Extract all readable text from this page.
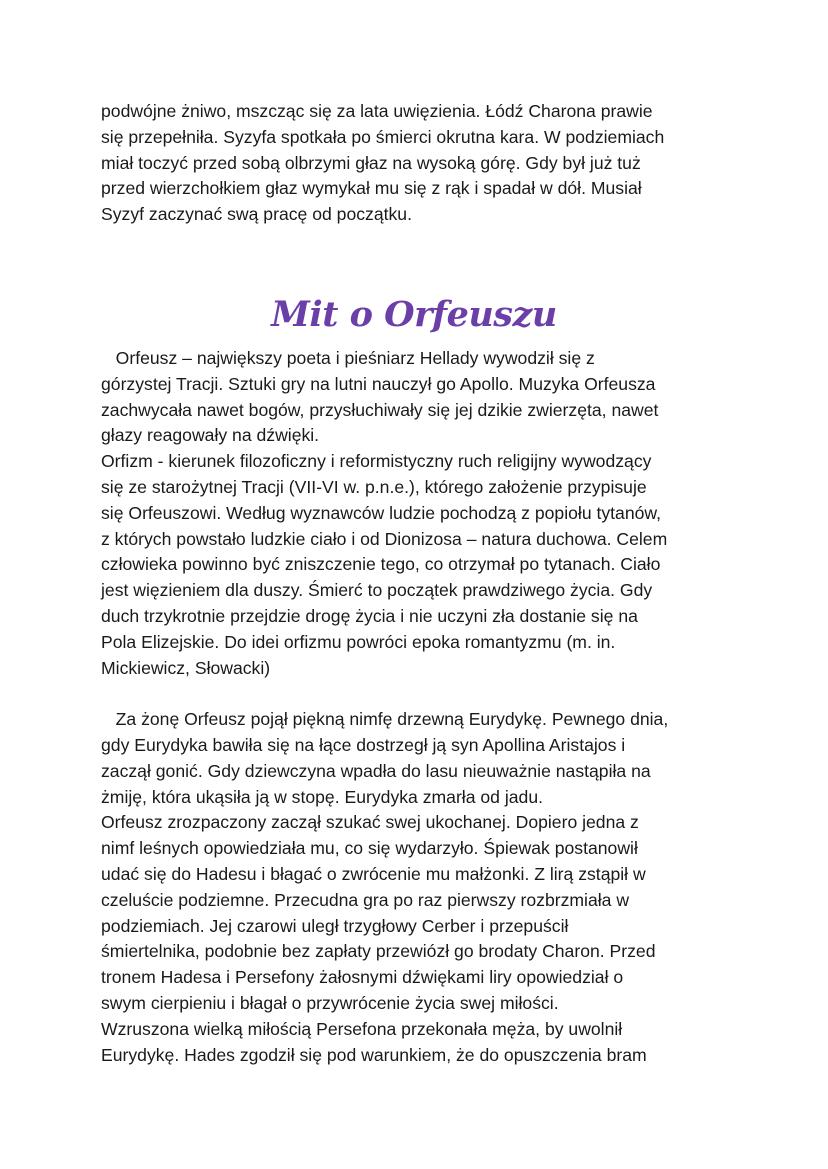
podwójne żniwo, mszcząc się za lata uwięzienia. Łódź Charona prawie
się przepełniła. Syzyfa spotkała po śmierci okrutna kara. W podziemiach
miał toczyć przed sobą olbrzymi głaz na wysoką górę. Gdy był już tuż
przed wierzchołkiem głaz wymykał mu się z rąk i spadał w dół. Musiał
Syzyf zaczynać swą pracę od początku.
Mit o Orfeuszu
Orfeusz – największy poeta i pieśniarz Hellady wywodził się z
górzystej Tracji. Sztuki gry na lutni nauczył go Apollo. Muzyka Orfeusza
zachwycała nawet bogów, przysłuchiwały się jej dzikie zwierzęta, nawet
głazy reagowały na dźwięki.
Orfizm - kierunek filozoficzny i reformistyczny ruch religijny wywodzący
się ze starożytnej Tracji (VII-VI w. p.n.e.), którego założenie przypisuje
się Orfeuszowi. Według wyznawców ludzie pochodzą z popiołu tytanów,
z których powstało ludzkie ciało i od Dionizosa – natura duchowa. Celem
człowieka powinno być zniszczenie tego, co otrzymał po tytanach. Ciało
jest więzieniem dla duszy. Śmierć to początek prawdziwego życia. Gdy
duch trzykrotnie przejdzie drogę życia i nie uczyni zła dostanie się na
Pola Elizejskie. Do idei orfizmu powróci epoka romantyzmu (m. in.
Mickiewicz, Słowacki)
Za żonę Orfeusz pojął piękną nimfę drzewną Eurydykę. Pewnego dnia,
gdy Eurydyka bawiła się na łące dostrzegł ją syn Apollina Aristajos i
zaczął gonić. Gdy dziewczyna wpadła do lasu nieuważnie nastąpiła na
żmiję, która ukąsiła ją w stopę. Eurydyka zmarła od jadu.
Orfeusz zrozpaczony zaczął szukać swej ukochanej. Dopiero jedna z
nimf leśnych opowiedziała mu, co się wydarzyło. Śpiewak postanowił
udać się do Hadesu i błagać o zwrócenie mu małżonki. Z lirą zstąpił w
czeluście podziemne. Przecudna gra po raz pierwszy rozbrzmiała w
podziemiach. Jej czarowi uległ trzygłowy Cerber i przepuścił
śmiertelnika, podobnie bez zapłaty przewiózł go brodaty Charon. Przed
tronem Hadesa i Persefony żałosnymi dźwiękami liry opowiedział o
swym cierpieniu i błagał o przywrócenie życia swej miłości.
Wzruszona wielką miłością Persefona przekonała męża, by uwolnił
Eurydykę. Hades zgodził się pod warunkiem, że do opuszczenia bram
